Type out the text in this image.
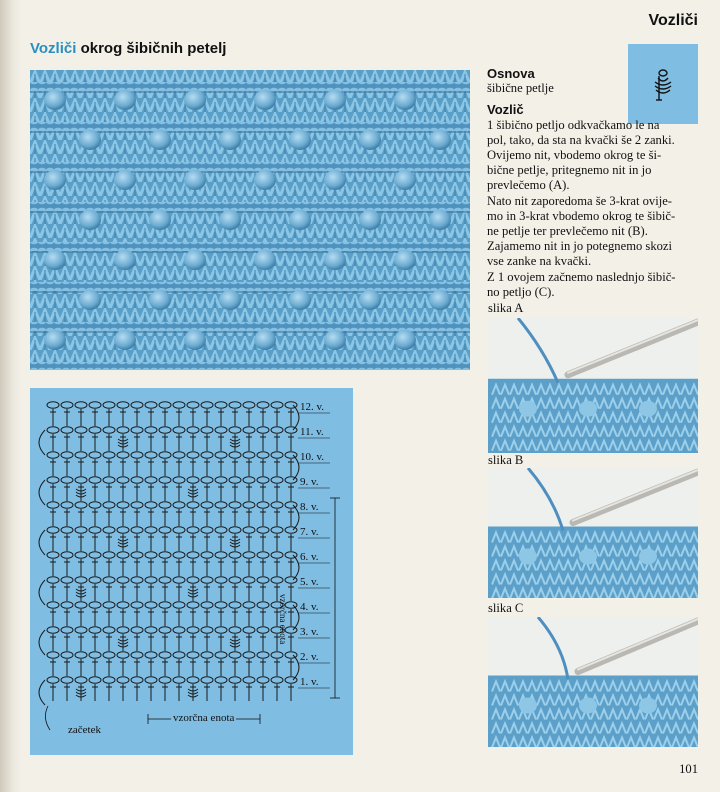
Vozliči
Vozliči okrog šibičnih petelj
12. v.
11. v.
10. v.
9. v.
8. v.
7. v.
6. v.
5. v.
4. v.
3. v.
2. v.
1. v.
začetek
vzorčna enota
vzorčna enota
Osnova

šibične petlje

Vozlič

1 šibično petljo odkvačkamo le na

pol, tako, da sta na kvački še 2 zanki.

Ovijemo nit, vbodemo okrog te ši-

bične petlje, pritegnemo nit in jo

prevlečemo (A).

Nato nit zaporedoma še 3-krat ovije-

mo in 3-krat vbodemo okrog te šibič-

ne petlje ter prevlečemo nit (B).

Zajamemo nit in jo potegnemo skozi

vse zanke na kvački.

Z 1 ovojem začnemo naslednjo šibič-

no petljo (C).

slika A
slika B
slika C
101
